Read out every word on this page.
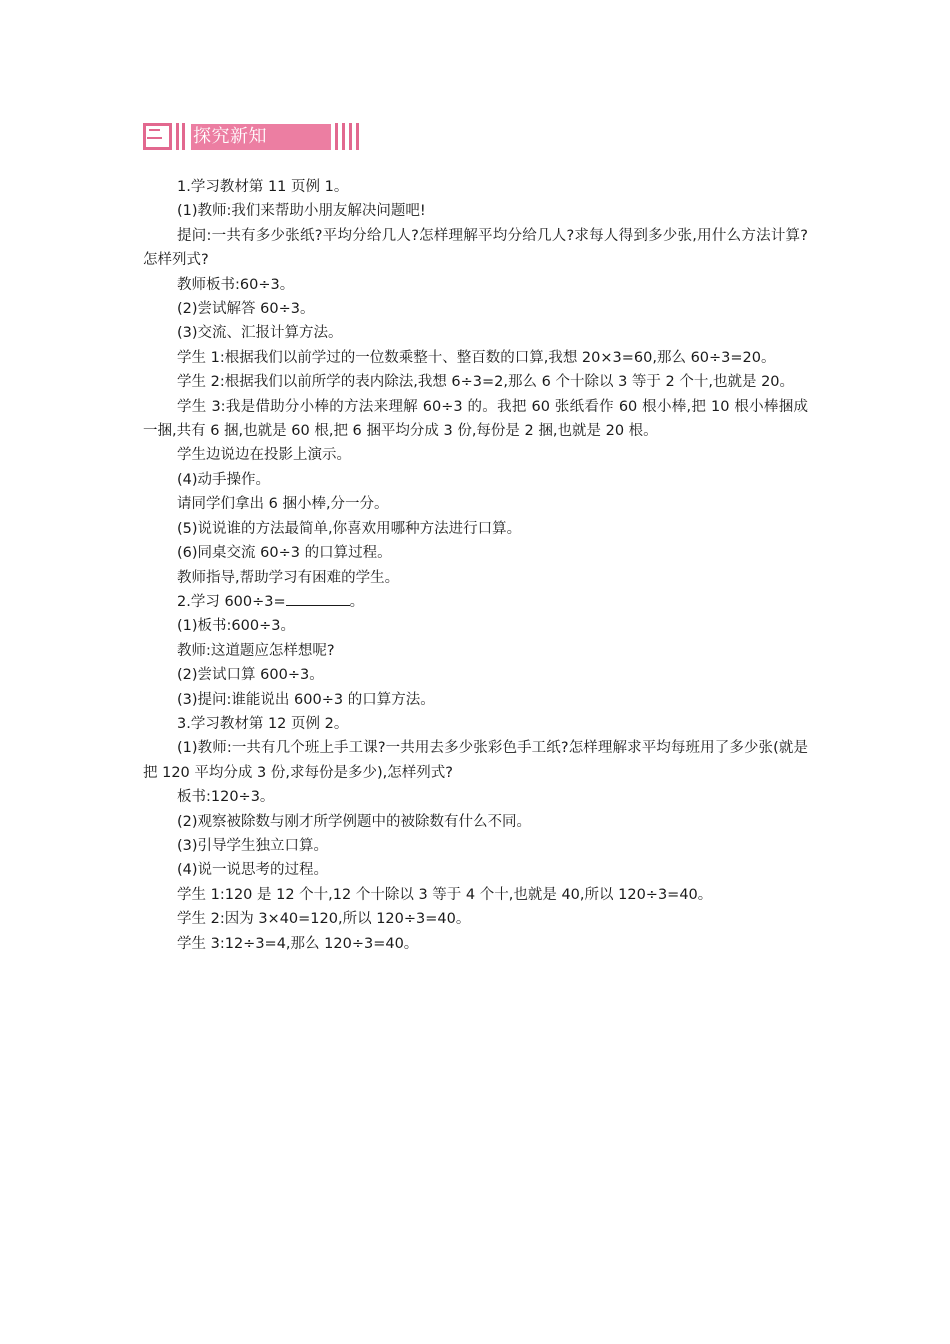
探究新知

1.学习教材第 11 页例 1。

(1)教师:我们来帮助小朋友解决问题吧!

提问:一共有多少张纸?平均分给几人?怎样理解平均分给几人?求每人得到多少张,用什么方法计算?怎样列式?

教师板书:60÷3。

(2)尝试解答 60÷3。

(3)交流、汇报计算方法。

学生 1:根据我们以前学过的一位数乘整十、整百数的口算,我想 20×3=60,那么 60÷3=20。

学生 2:根据我们以前所学的表内除法,我想 6÷3=2,那么 6 个十除以 3 等于 2 个十,也就是 20。

学生 3:我是借助分小棒的方法来理解 60÷3 的。我把 60 张纸看作 60 根小棒,把 10 根小棒捆成一捆,共有 6 捆,也就是 60 根,把 6 捆平均分成 3 份,每份是 2 捆,也就是 20 根。

学生边说边在投影上演示。

(4)动手操作。

请同学们拿出 6 捆小棒,分一分。

(5)说说谁的方法最简单,你喜欢用哪种方法进行口算。

(6)同桌交流 60÷3 的口算过程。

教师指导,帮助学习有困难的学生。

2.学习 600÷3=	。

(1)板书:600÷3。

教师:这道题应怎样想呢?

(2)尝试口算 600÷3。

(3)提问:谁能说出 600÷3 的口算方法。

3.学习教材第 12 页例 2。

(1)教师:一共有几个班上手工课?一共用去多少张彩色手工纸?怎样理解求平均每班用了多少张(就是把 120 平均分成 3 份,求每份是多少),怎样列式?

板书:120÷3。

(2)观察被除数与刚才所学例题中的被除数有什么不同。

(3)引导学生独立口算。

(4)说一说思考的过程。

学生 1:120 是 12 个十,12 个十除以 3 等于 4 个十,也就是 40,所以 120÷3=40。

学生 2:因为 3×40=120,所以 120÷3=40。

学生 3:12÷3=4,那么 120÷3=40。
